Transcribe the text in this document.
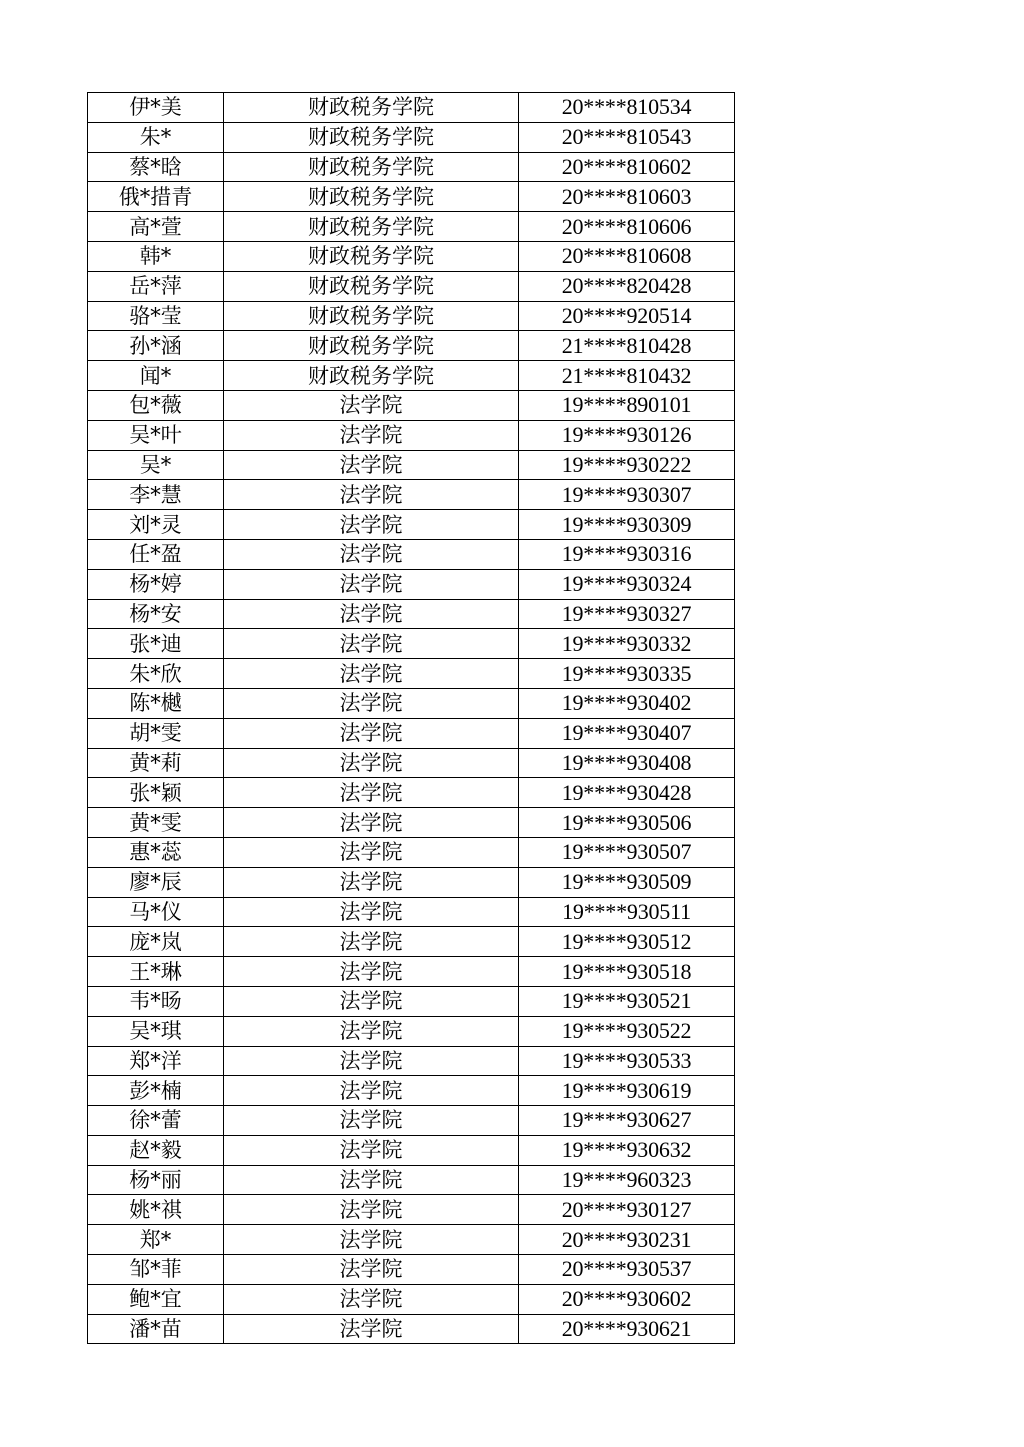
伊*美	财政税务学院	20****810534
朱*	财政税务学院	20****810543
蔡*晗	财政税务学院	20****810602
俄*措青	财政税务学院	20****810603
高*萱	财政税务学院	20****810606
韩*	财政税务学院	20****810608
岳*萍	财政税务学院	20****820428
骆*莹	财政税务学院	20****920514
孙*涵	财政税务学院	21****810428
闻*	财政税务学院	21****810432
包*薇	法学院	19****890101
吴*叶	法学院	19****930126
吴*	法学院	19****930222
李*慧	法学院	19****930307
刘*灵	法学院	19****930309
任*盈	法学院	19****930316
杨*婷	法学院	19****930324
杨*安	法学院	19****930327
张*迪	法学院	19****930332
朱*欣	法学院	19****930335
陈*樾	法学院	19****930402
胡*雯	法学院	19****930407
黄*莉	法学院	19****930408
张*颖	法学院	19****930428
黄*雯	法学院	19****930506
惠*蕊	法学院	19****930507
廖*辰	法学院	19****930509
马*仪	法学院	19****930511
庞*岚	法学院	19****930512
王*琳	法学院	19****930518
韦*旸	法学院	19****930521
吴*琪	法学院	19****930522
郑*洋	法学院	19****930533
彭*楠	法学院	19****930619
徐*蕾	法学院	19****930627
赵*毅	法学院	19****930632
杨*丽	法学院	19****960323
姚*祺	法学院	20****930127
郑*	法学院	20****930231
邹*菲	法学院	20****930537
鲍*宜	法学院	20****930602
潘*苗	法学院	20****930621
